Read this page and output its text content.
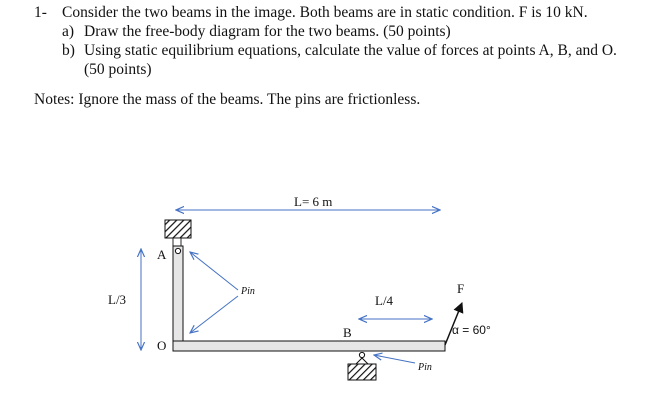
1- Consider the two beams in the image. Both beams are in static condition. F is 10 kN.
a) Draw the free-body diagram for the two beams. (50 points)
b) Using static equilibrium equations, calculate the value of forces at points A, B, and O.
(50 points)
Notes: Ignore the mass of the beams. The pins are frictionless.
L= 6 m
L/3
A
O
Pin
L/4
B
Pin
F
α = 60°
